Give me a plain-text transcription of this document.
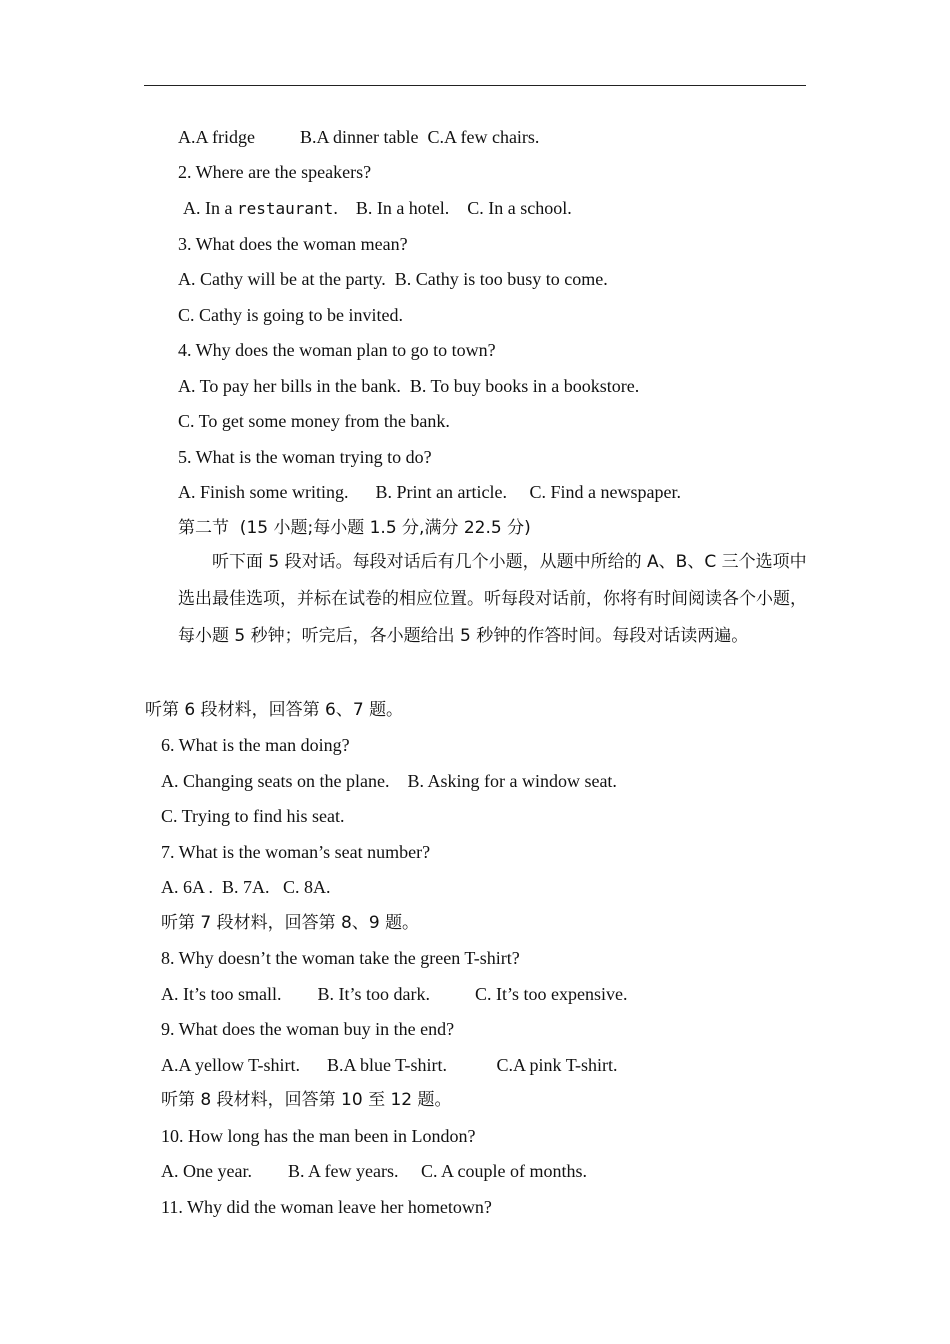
A.A fridge          B.A dinner table  C.A few chairs.
2. Where are the speakers?
A. In a restaurant.    B. In a hotel.    C. In a school.
3. What does the woman mean?
A. Cathy will be at the party.  B. Cathy is too busy to come.
C. Cathy is going to be invited.
4. Why does the woman plan to go to town?
A. To pay her bills in the bank.  B. To buy books in a bookstore.
C. To get some money from the bank.
5. What is the woman trying to do?
A. Finish some writing.      B. Print an article.     C. Find a newspaper.
第二节  (15 小题;每小题 1.5 分,满分 22.5 分)
听下面 5 段对话。每段对话后有几个小题，从题中所给的 A、B、C 三个选项中选出最佳选项，并标在试卷的相应位置。听每段对话前，你将有时间阅读各个小题，每小题 5 秒钟；听完后，各小题给出 5 秒钟的作答时间。每段对话读两遍。
听第 6 段材料，回答第 6、7 题。
6. What is the man doing?
A. Changing seats on the plane.    B. Asking for a window seat.
C. Trying to find his seat.
7. What is the woman’s seat number?
A. 6A .  B. 7A.   C. 8A.
听第 7 段材料，回答第 8、9 题。
8. Why doesn’t the woman take the green T-shirt?
A. It’s too small.        B. It’s too dark.          C. It’s too expensive.
9. What does the woman buy in the end?
A.A yellow T-shirt.      B.A blue T-shirt.           C.A pink T-shirt.
听第 8 段材料，回答第 10 至 12 题。
10. How long has the man been in London?
A. One year.        B. A few years.     C. A couple of months.
11. Why did the woman leave her hometown?
